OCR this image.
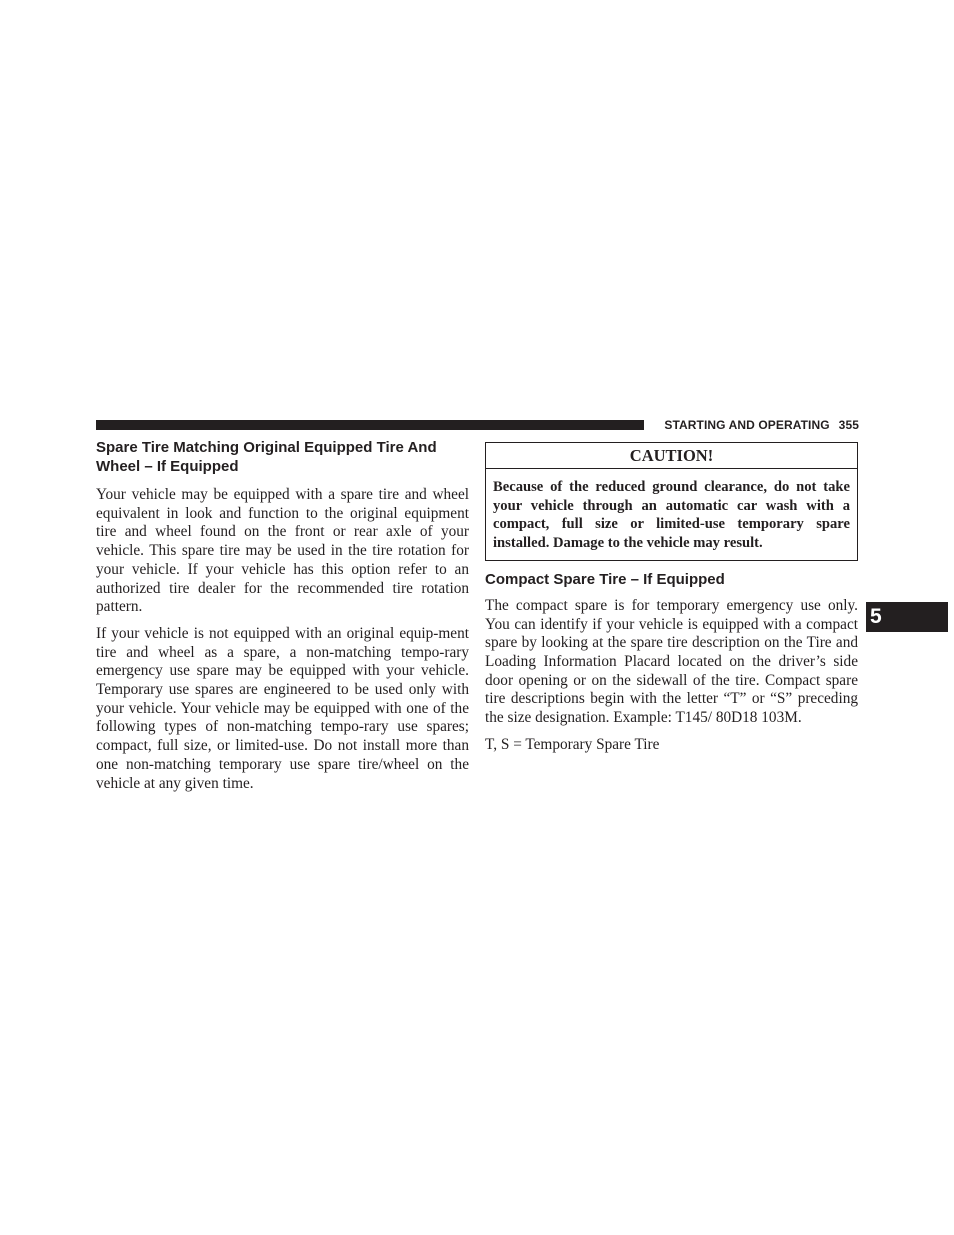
STARTING AND OPERATING 355
Spare Tire Matching Original Equipped Tire And Wheel – If Equipped

Your vehicle may be equipped with a spare tire and wheel equivalent in look and function to the original equipment tire and wheel found on the front or rear axle of your vehicle. This spare tire may be used in the tire rotation for your vehicle. If your vehicle has this option refer to an authorized tire dealer for the recommended tire rotation pattern.

If your vehicle is not equipped with an original equip-ment tire and wheel as a spare, a non-matching tempo-rary emergency use spare may be equipped with your vehicle. Temporary use spares are engineered to be used only with your vehicle. Your vehicle may be equipped with one of the following types of non-matching tempo-rary use spares; compact, full size, or limited-use. Do not install more than one non-matching temporary use spare tire/wheel on the vehicle at any given time.

CAUTION!
Because of the reduced ground clearance, do not take your vehicle through an automatic car wash with a compact, full size or limited-use temporary spare installed. Damage to the vehicle may result.
Compact Spare Tire – If Equipped

The compact spare is for temporary emergency use only. You can identify if your vehicle is equipped with a compact spare by looking at the spare tire description on the Tire and Loading Information Placard located on the driver’s side door opening or on the sidewall of the tire. Compact spare tire descriptions begin with the letter “T” or “S” preceding the size designation. Example: T145/ 80D18 103M.

T, S = Temporary Spare Tire

5
